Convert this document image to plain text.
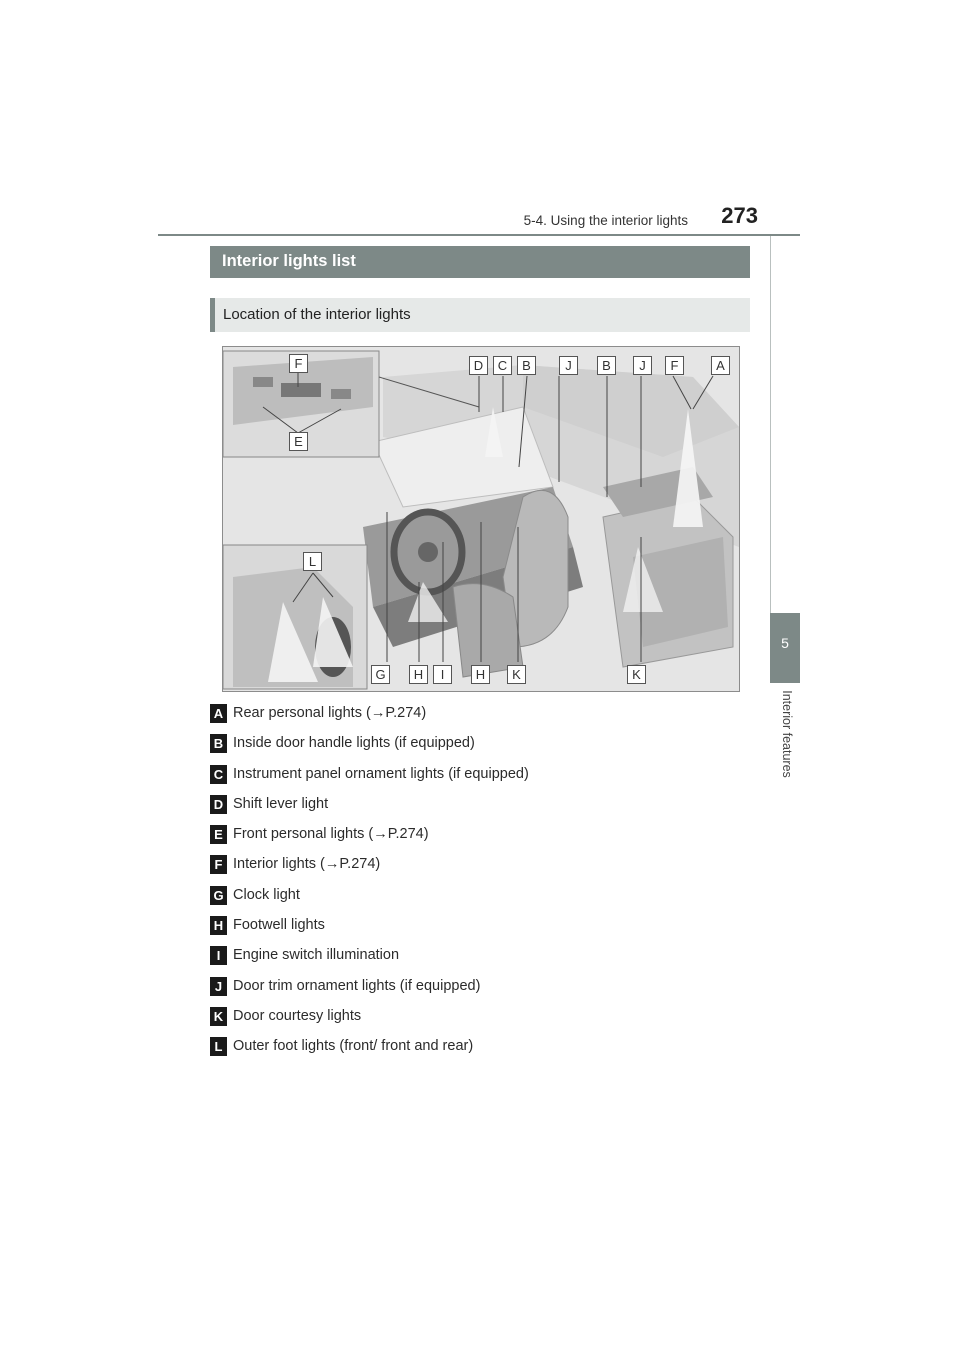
5-4. Using the interior lights 273
5
Interior features
Interior lights list
Location of the interior lights
D	C	B	J	B	J	F	A
G	H	I	H	K	K
F
E
L
A Rear personal lights (→P.274)
B Inside door handle lights (if equipped)
C Instrument panel ornament lights (if equipped)
D Shift lever light
E Front personal lights (→P.274)
F Interior lights (→P.274)
G Clock light
H Footwell lights
I Engine switch illumination
J Door trim ornament lights (if equipped)
K Door courtesy lights
L Outer foot lights (front/ front and rear)
